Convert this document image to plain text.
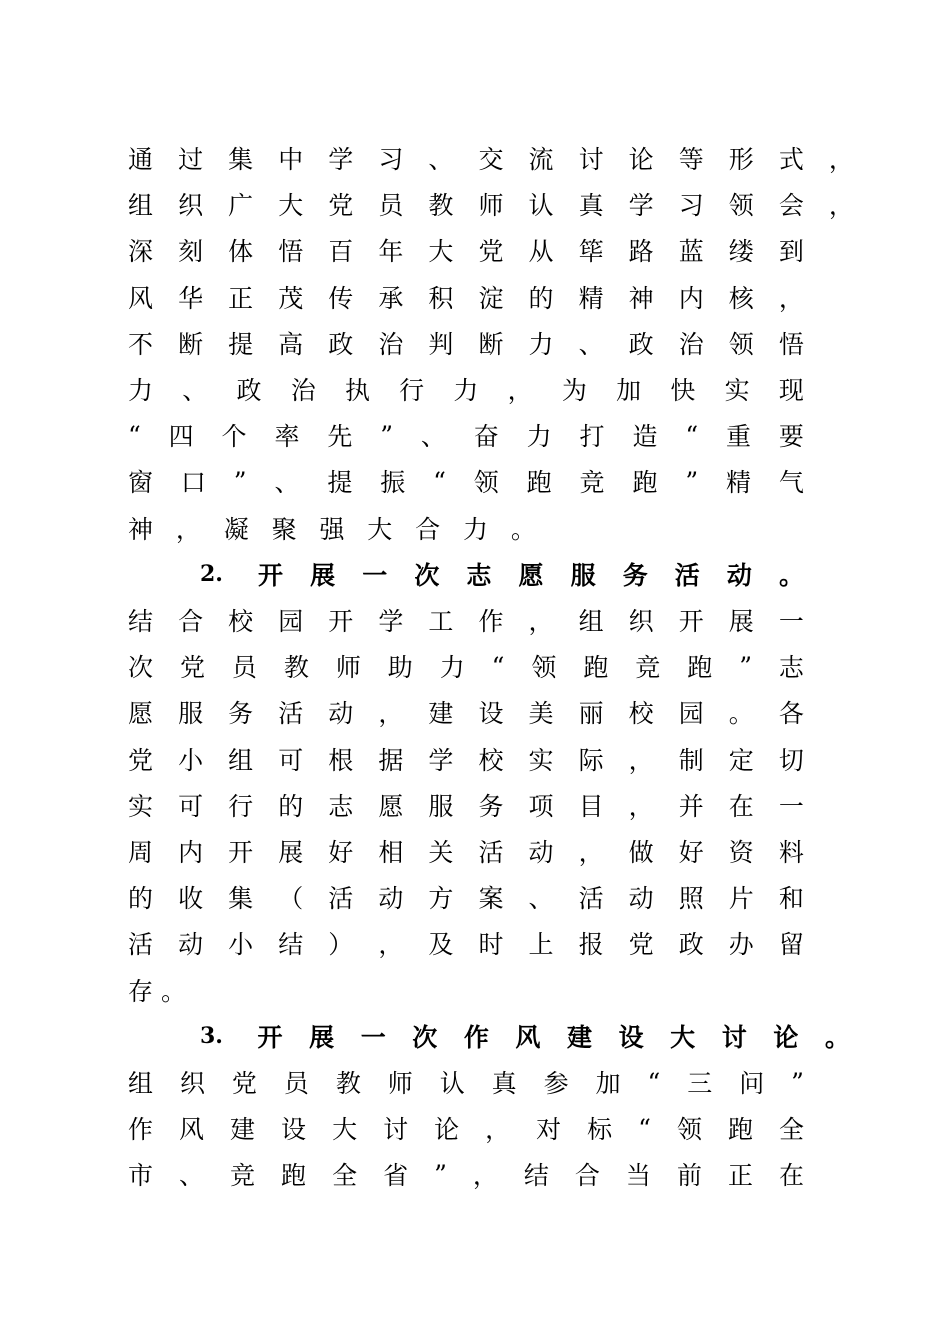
通 过 集 中 学 习 、 交 流 讨 论 等 形 式 ，
组 织 广 大 党 员 教 师 认 真 学 习 领 会 ，
深 刻 体 悟 百 年 大 党 从 筚 路 蓝 缕 到
风 华 正 茂 传 承 积 淀 的 精 神 内 核 ，
不 断 提 高 政 治 判 断 力 、 政 治 领 悟
力 、 政 治 执 行 力 ， 为 加 快 实 现
“ 四 个 率 先 ” 、 奋 力 打 造 “ 重 要
窗 口 ” 、 提 振 “ 领 跑 竞 跑 ” 精 气
神 ， 凝 聚 强 大 合 力 。
2. 开 展 一 次 志 愿 服 务 活 动 。
结 合 校 园 开 学 工 作 ， 组 织 开 展 一
次 党 员 教 师 助 力 “ 领 跑 竞 跑 ” 志
愿 服 务 活 动 ， 建 设 美 丽 校 园 。 各
党 小 组 可 根 据 学 校 实 际 ， 制 定 切
实 可 行 的 志 愿 服 务 项 目 ， 并 在 一
周 内 开 展 好 相 关 活 动 ， 做 好 资 料
的 收 集 （ 活 动 方 案 、 活 动 照 片 和
活 动 小 结 ） ， 及 时 上 报 党 政 办 留
存 。
3. 开 展 一 次 作 风 建 设 大 讨 论 。
组 织 党 员 教 师 认 真 参 加 “ 三 问 ”
作 风 建 设 大 讨 论 ， 对 标 “ 领 跑 全
市 、 竞 跑 全 省 ” ， 结 合 当 前 正 在
